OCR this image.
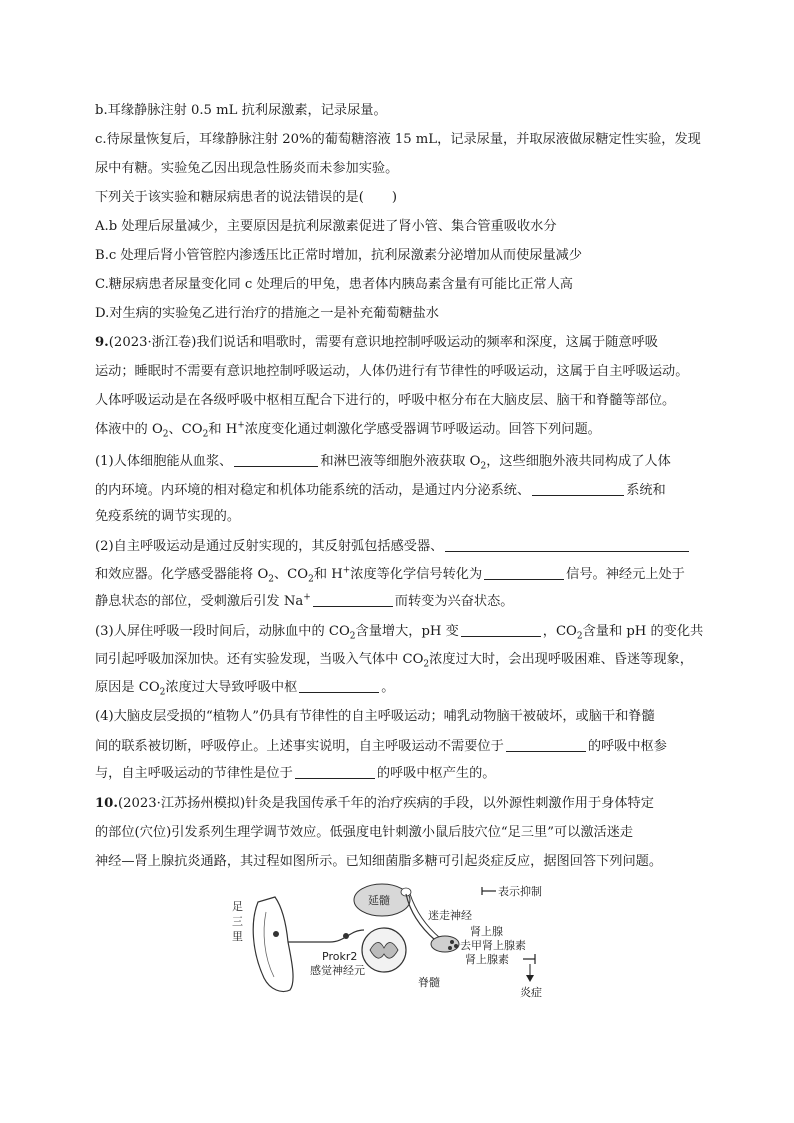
b.耳缘静脉注射 0.5 mL 抗利尿激素，记录尿量。
c.待尿量恢复后，耳缘静脉注射 20%的葡萄糖溶液 15 mL，记录尿量，并取尿液做尿糖定性实验，发现
尿中有糖。实验兔乙因出现急性肠炎而未参加实验。
下列关于该实验和糖尿病患者的说法错误的是( )
A.b 处理后尿量减少，主要原因是抗利尿激素促进了肾小管、集合管重吸收水分
B.c 处理后肾小管管腔内渗透压比正常时增加，抗利尿激素分泌增加从而使尿量减少
C.糖尿病患者尿量变化同 c 处理后的甲兔，患者体内胰岛素含量有可能比正常人高
D.对生病的实验兔乙进行治疗的措施之一是补充葡萄糖盐水
9.(2023·浙江卷)我们说话和唱歌时，需要有意识地控制呼吸运动的频率和深度，这属于随意呼吸
运动；睡眠时不需要有意识地控制呼吸运动，人体仍进行有节律性的呼吸运动，这属于自主呼吸运动。
人体呼吸运动是在各级呼吸中枢相互配合下进行的，呼吸中枢分布在大脑皮层、脑干和脊髓等部位。
体液中的 $O_2$、$CO_2$和 H+浓度变化通过刺激化学感受器调节呼吸运动。回答下列问题。
(1)人体细胞能从血浆、	和淋巴液等细胞外液获取 $O_2$，这些细胞外液共同构成了人体
的内环境。内环境的相对稳定和机体功能系统的活动，是通过内分泌系统、	系统和
免疫系统的调节实现的。
(2)自主呼吸运动是通过反射实现的，其反射弧包括感受器、
和效应器。化学感受器能将 $O_2$、$CO_2$和 H+浓度等化学信号转化为	信号。神经元上处于
静息状态的部位，受刺激后引发 Na+	而转变为兴奋状态。
(3)人屏住呼吸一段时间后，动脉血中的 $CO_2$含量增大，pH 变	，$CO_2$含量和 pH 的变化共
同引起呼吸加深加快。还有实验发现，当吸入气体中 $CO_2$浓度过大时，会出现呼吸困难、昏迷等现象，
原因是 $CO_2$浓度过大导致呼吸中枢	。
(4)大脑皮层受损的“植物人”仍具有节律性的自主呼吸运动；哺乳动物脑干被破坏，或脑干和脊髓
间的联系被切断，呼吸停止。上述事实说明，自主呼吸运动不需要位于	的呼吸中枢参
与，自主呼吸运动的节律性是位于	的呼吸中枢产生的。
10.(2023·江苏扬州模拟)针灸是我国传承千年的治疗疾病的手段，以外源性刺激作用于身体特定
的部位(穴位)引发系列生理学调节效应。低强度电针刺激小鼠后肢穴位“足三里”可以激活迷走
神经—肾上腺抗炎通路，其过程如图所示。已知细菌脂多糖可引起炎症反应，据图回答下列问题。
表示抑制
延髓
迷走神经
肾上腺
去甲肾上腺素
肾上腺素
炎症
脊髓
Prokr2
感觉神经元
足
三
里
